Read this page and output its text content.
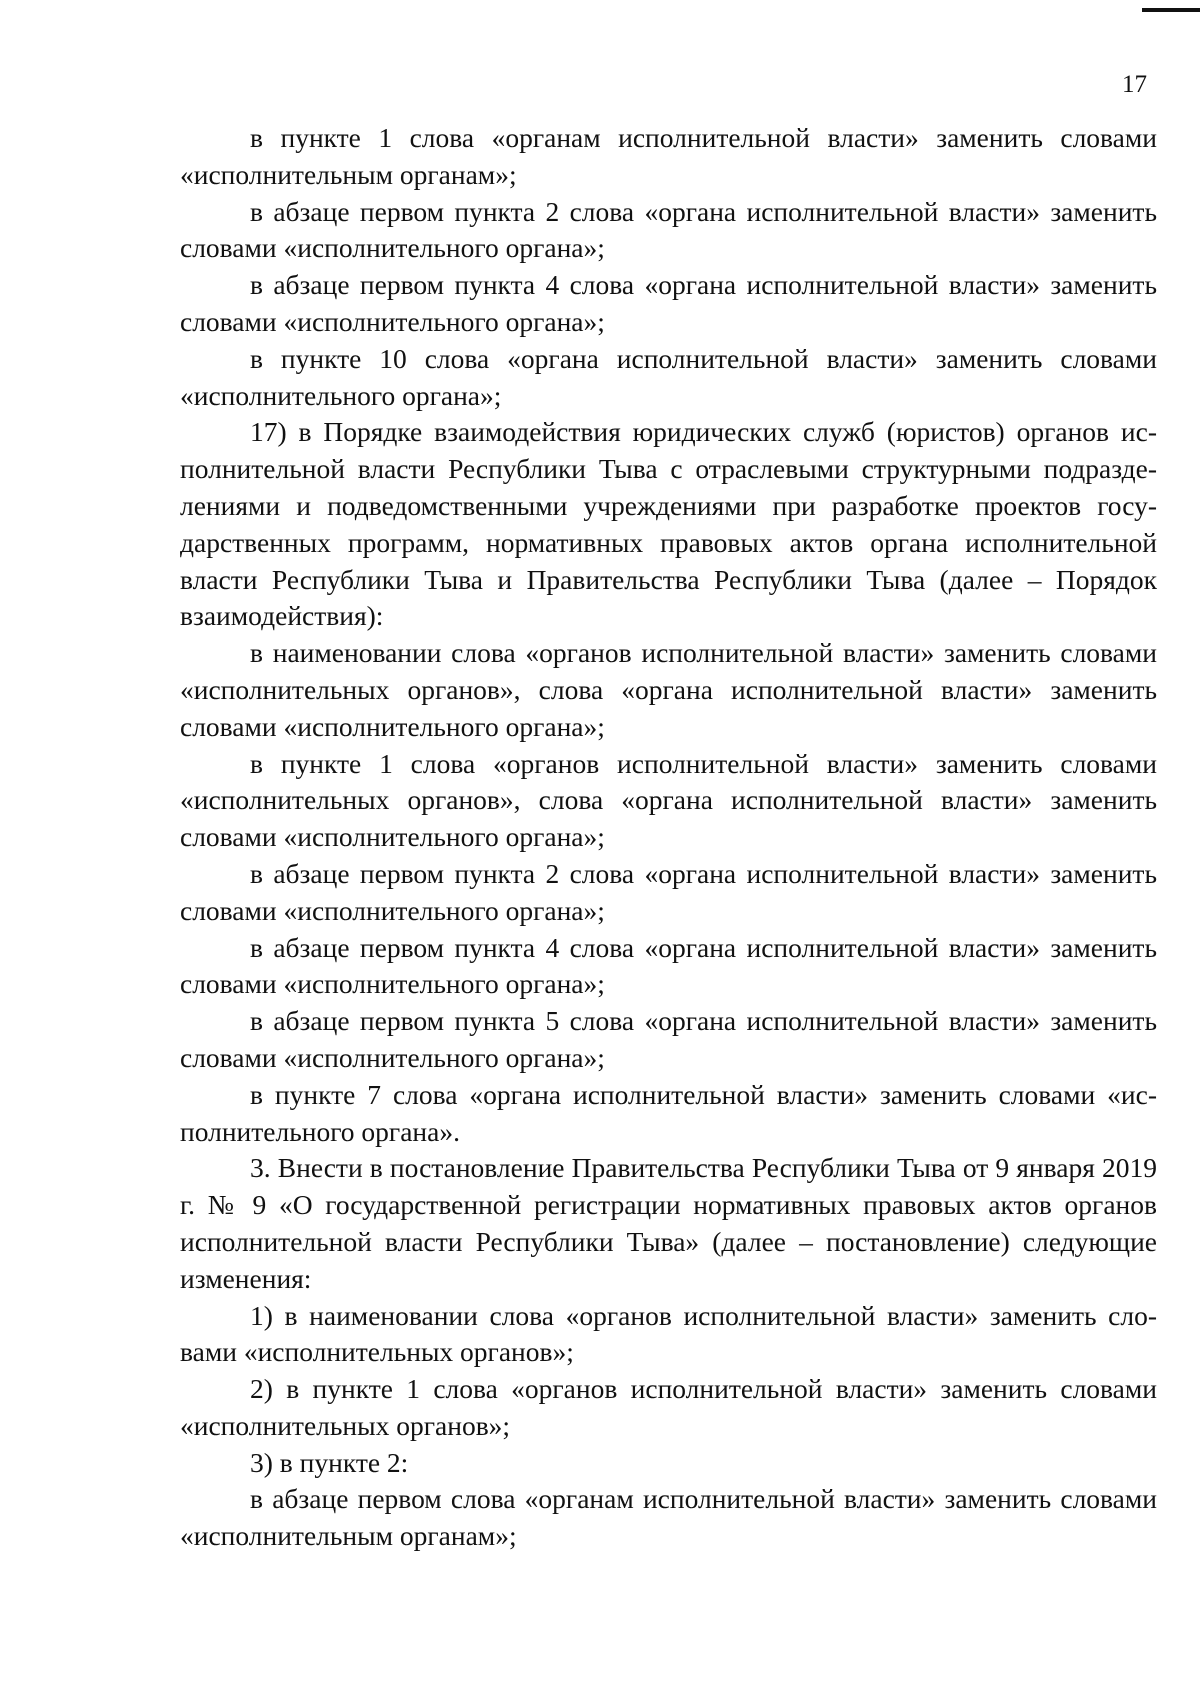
17

в пункте 1 слова «органам исполнительной власти» заменить словами «исполнительным органам»;

в абзаце первом пункта 2 слова «органа исполнительной власти» заменить словами «исполнительного органа»;

в абзаце первом пункта 4 слова «органа исполнительной власти» заменить словами «исполнительного органа»;

в пункте 10 слова «органа исполнительной власти» заменить словами «исполнительного органа»;

17) в Порядке взаимодействия юридических служб (юристов) органов исполнительной власти Республики Тыва с отраслевыми структурными подразделениями и подведомственными учреждениями при разработке проектов государственных программ, нормативных правовых актов органа исполнительной власти Республики Тыва и Правительства Республики Тыва (далее – Порядок взаимодействия):

в наименовании слова «органов исполнительной власти» заменить словами «исполнительных органов», слова «органа исполнительной власти» заменить словами «исполнительного органа»;

в пункте 1 слова «органов исполнительной власти» заменить словами «исполнительных органов», слова «органа исполнительной власти» заменить словами «исполнительного органа»;

в абзаце первом пункта 2 слова «органа исполнительной власти» заменить словами «исполнительного органа»;

в абзаце первом пункта 4 слова «органа исполнительной власти» заменить словами «исполнительного органа»;

в абзаце первом пункта 5 слова «органа исполнительной власти» заменить словами «исполнительного органа»;

в пункте 7 слова «органа исполнительной власти» заменить словами «исполнительного органа».

3. Внести в постановление Правительства Республики Тыва от 9 января 2019 г. № 9 «О государственной регистрации нормативных правовых актов органов исполнительной власти Республики Тыва» (далее – постановление) следующие изменения:

1) в наименовании слова «органов исполнительной власти» заменить словами «исполнительных органов»;

2) в пункте 1 слова «органов исполнительной власти» заменить словами «исполнительных органов»;

3) в пункте 2:

в абзаце первом слова «органам исполнительной власти» заменить словами «исполнительным органам»;
